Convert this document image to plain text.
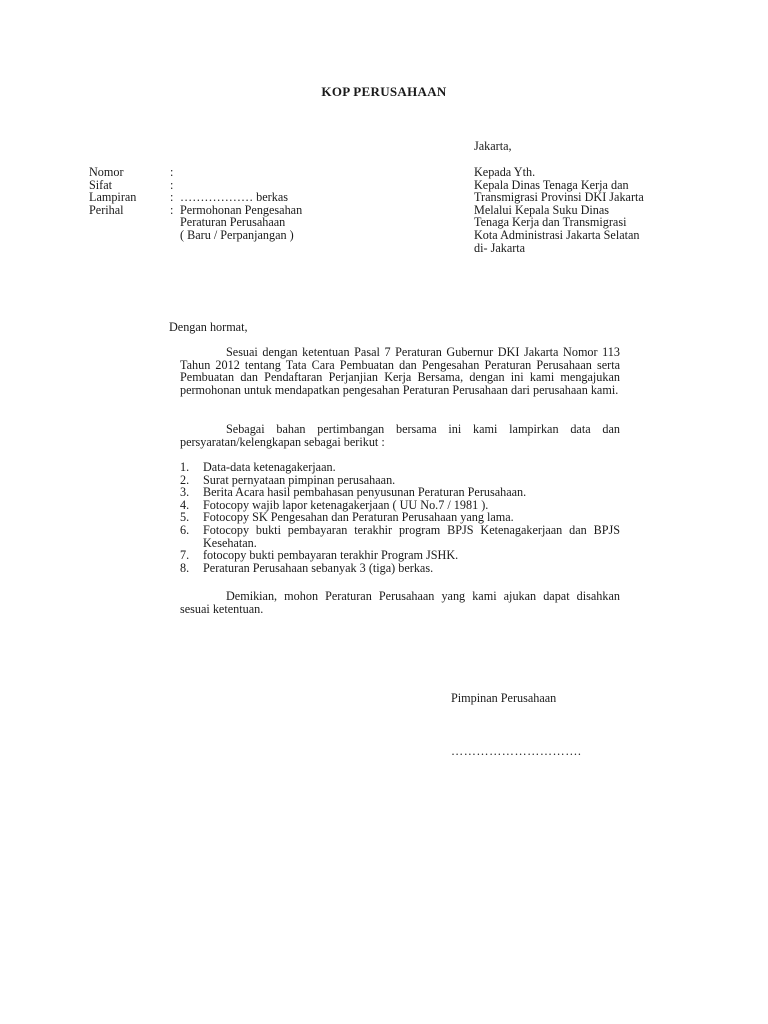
KOP PERUSAHAAN
Jakarta,
Nomor	:
Sifat	:
Lampiran	: ……………… berkas
Perihal	: Permohonan Pengesahan
Peraturan Perusahaan
( Baru / Perpanjangan )
Kepada Yth.
Kepala Dinas Tenaga Kerja dan
Transmigrasi Provinsi DKI Jakarta
Melalui Kepala Suku Dinas
Tenaga Kerja dan Transmigrasi
Kota Administrasi Jakarta Selatan
di- Jakarta
Dengan hormat,

Sesuai dengan ketentuan Pasal 7 Peraturan Gubernur DKI Jakarta Nomor 113 Tahun 2012 tentang Tata Cara Pembuatan dan Pengesahan Peraturan Perusahaan serta Pembuatan dan Pendaftaran Perjanjian Kerja Bersama, dengan ini kami mengajukan permohonan untuk mendapatkan pengesahan Peraturan Perusahaan dari perusahaan kami.

Sebagai bahan pertimbangan bersama ini kami lampirkan data dan persyaratan/kelengkapan sebagai berikut :

1.	Data-data ketenagakerjaan.
2.	Surat pernyataan pimpinan perusahaan.
3.	Berita Acara hasil pembahasan penyusunan Peraturan Perusahaan.
4.	Fotocopy wajib lapor ketenagakerjaan ( UU No.7 / 1981 ).
5.	Fotocopy SK Pengesahan dan Peraturan Perusahaan yang lama.
6.	Fotocopy bukti pembayaran terakhir program BPJS Ketenagakerjaan dan BPJS Kesehatan.
7.	fotocopy bukti pembayaran terakhir Program JSHK.
8.	Peraturan Perusahaan sebanyak 3 (tiga) berkas.

Demikian, mohon Peraturan Perusahaan yang kami ajukan dapat disahkan sesuai ketentuan.

Pimpinan Perusahaan
………………………….
